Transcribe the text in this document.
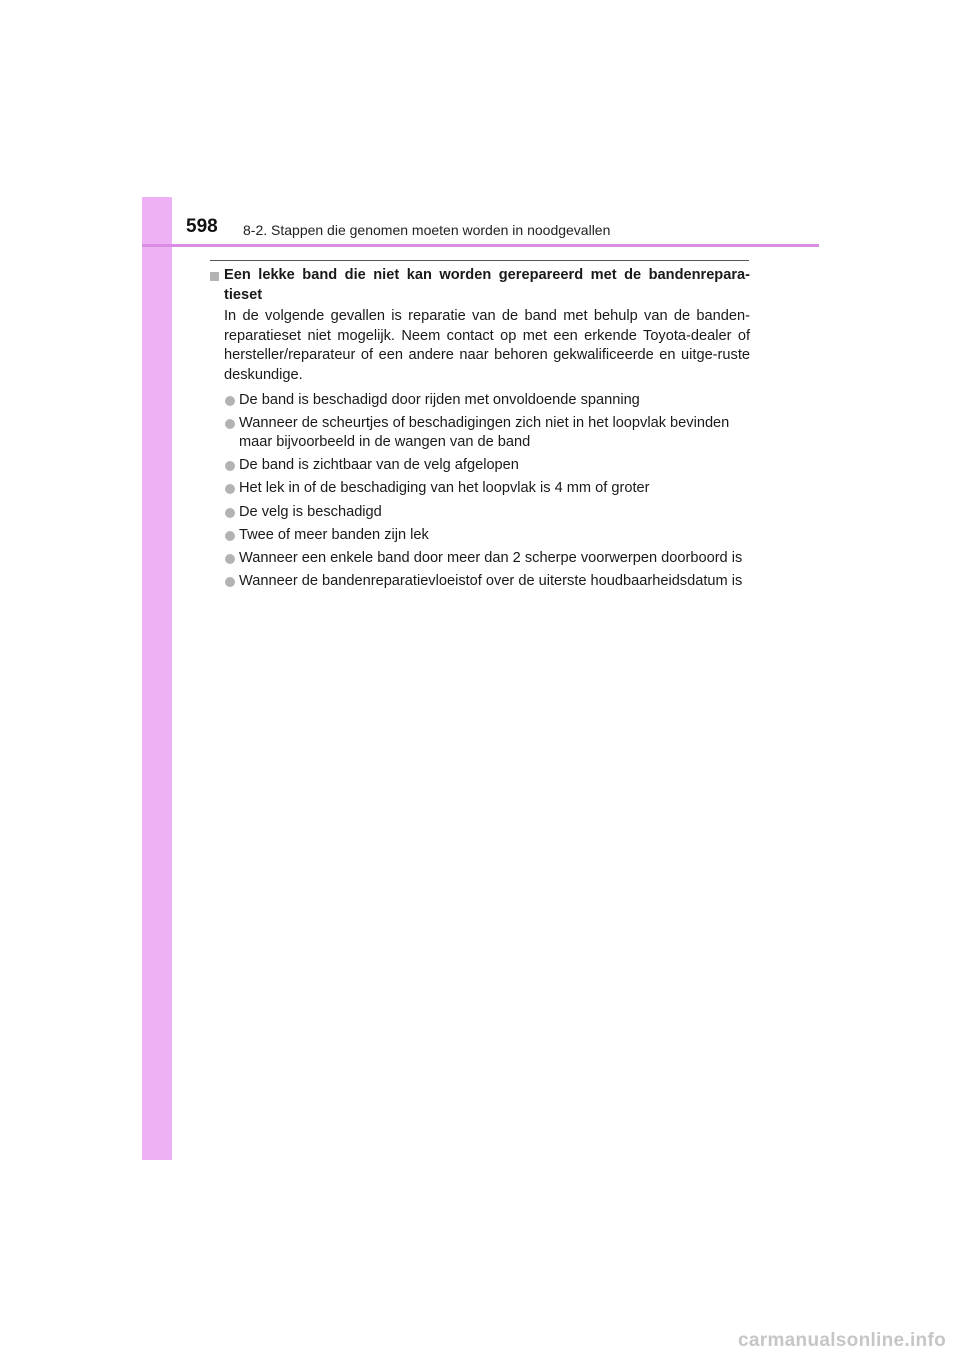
598 8-2. Stappen die genomen moeten worden in noodgevallen
Een lekke band die niet kan worden gerepareerd met de bandenrepara-tieset
In de volgende gevallen is reparatie van de band met behulp van de banden-reparatieset niet mogelijk. Neem contact op met een erkende Toyota-dealer of hersteller/reparateur of een andere naar behoren gekwalificeerde en uitge-ruste deskundige.
De band is beschadigd door rijden met onvoldoende spanning
Wanneer de scheurtjes of beschadigingen zich niet in het loopvlak bevinden maar bijvoorbeeld in de wangen van de band
De band is zichtbaar van de velg afgelopen
Het lek in of de beschadiging van het loopvlak is 4 mm of groter
De velg is beschadigd
Twee of meer banden zijn lek
Wanneer een enkele band door meer dan 2 scherpe voorwerpen doorboord is
Wanneer de bandenreparatievloeistof over de uiterste houdbaarheidsdatum is
carmanualsonline.info
